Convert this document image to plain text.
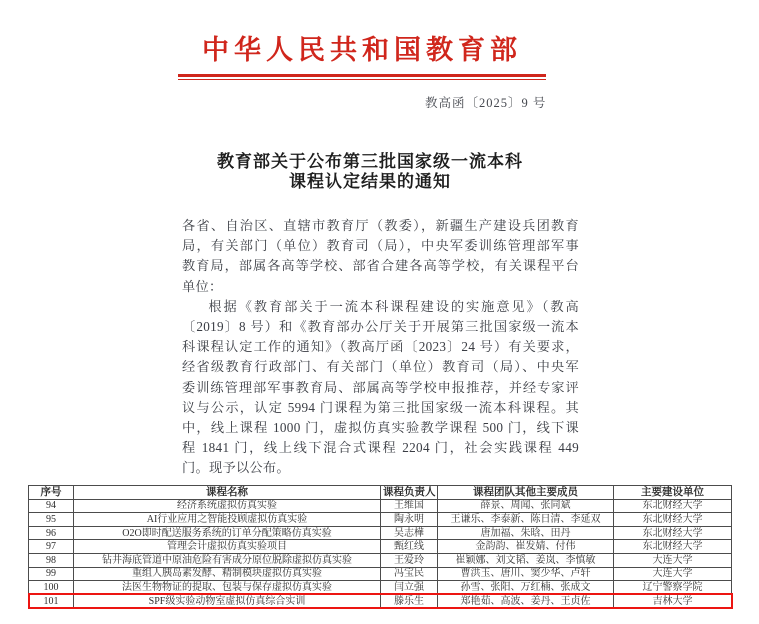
中华人民共和国教育部
教高函〔2025〕9 号
教育部关于公布第三批国家级一流本科
课程认定结果的通知
各省、自治区、直辖市教育厅（教委），新疆生产建设兵团教育
局，有关部门（单位）教育司（局），中央军委训练管理部军事
教育局，部属各高等学校、部省合建各高等学校，有关课程平台
单位：
根据《教育部关于一流本科课程建设的实施意见》（教高
〔2019〕8 号）和《教育部办公厅关于开展第三批国家级一流本
科课程认定工作的通知》（教高厅函〔2023〕24 号）有关要求，
经省级教育行政部门、有关部门（单位）教育司（局）、中央军
委训练管理部军事教育局、部属高等学校申报推荐，并经专家评
议与公示，认定 5994 门课程为第三批国家级一流本科课程。其
中，线上课程 1000 门，虚拟仿真实验教学课程 500 门，线下课
程 1841 门，线上线下混合式课程 2204 门，社会实践课程 449
门。现予以公布。
序号	课程名称	课程负责人	课程团队其他主要成员	主要建设单位
94	经济系统虚拟仿真实验	王维国	薛景、周闻、张同斌	东北财经大学
95	AI行业应用之智能投顾虚拟仿真实验	陶永明	王谦乐、李泰新、陈日清、李延双	东北财经大学
96	O2O即时配送服务系统的订单分配策略仿真实验	吴志樺	唐加福、朱晗、田丹	东北财经大学
97	管理会计虚拟仿真实验项目	甄红线	金韵韵、崔发婧、付伟	东北财经大学
98	钻井海底管道中原油危险有害成分原位脱除虚拟仿真实验	王爱玲	崔颖娜、刘文韬、姜岚、李慎敏	大连大学
99	重组人胰岛素发酵、精制模块虚拟仿真实验	冯宝民	曹洪玉、唐川、窦少华、卢轩	大连大学
100	法医生物物证的提取、包装与保存虚拟仿真实验	闫立强	孙雪、张阳、万红楠、张成文	辽宁警察学院
101	SPF级实验动物室虚拟仿真综合实训	滕乐生	郑艳茹、高波、姜丹、王贞佐	吉林大学
